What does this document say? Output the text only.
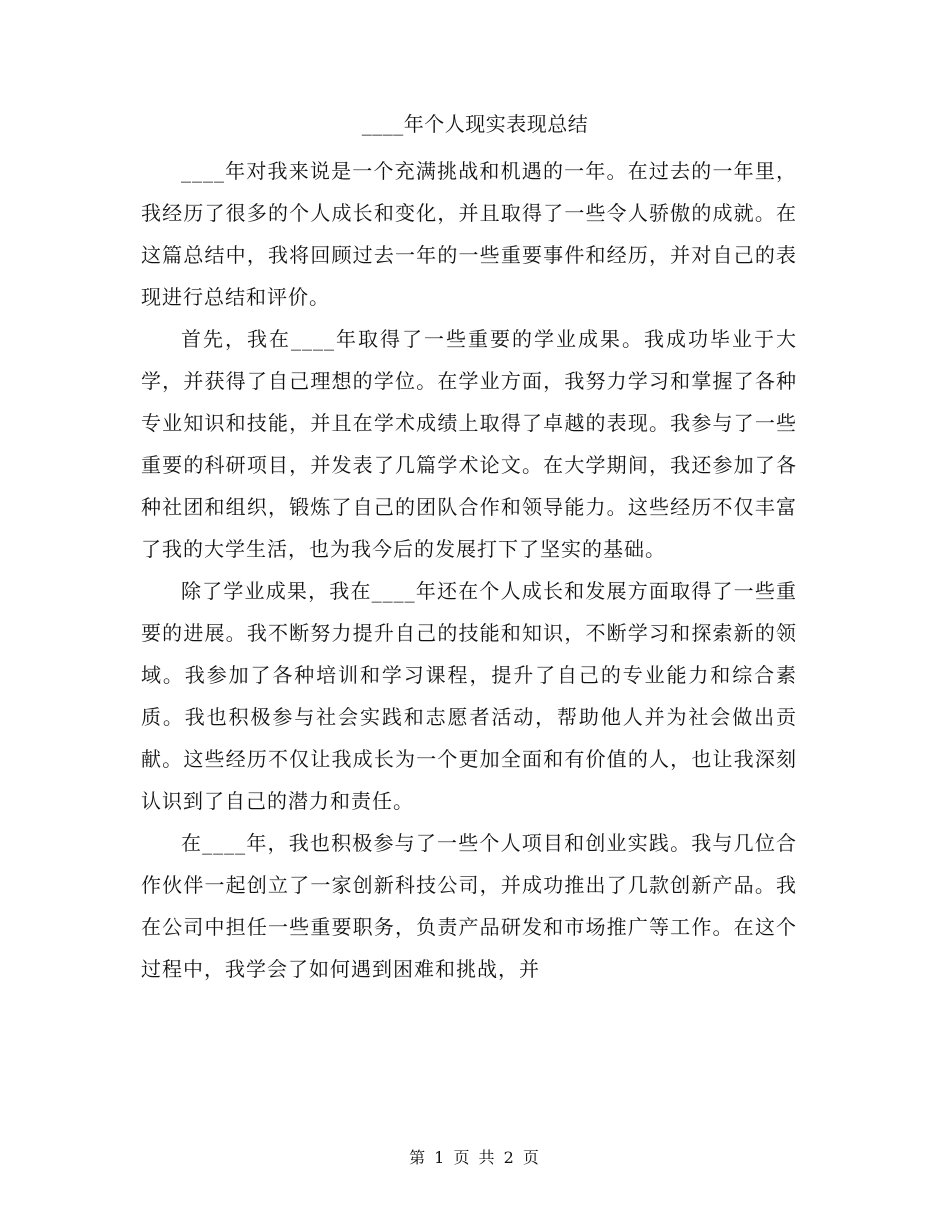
____年个人现实表现总结

____年对我来说是一个充满挑战和机遇的一年。在过去的一年里，我经历了很多的个人成长和变化，并且取得了一些令人骄傲的成就。在这篇总结中，我将回顾过去一年的一些重要事件和经历，并对自己的表现进行总结和评价。

首先，我在____年取得了一些重要的学业成果。我成功毕业于大学，并获得了自己理想的学位。在学业方面，我努力学习和掌握了各种专业知识和技能，并且在学术成绩上取得了卓越的表现。我参与了一些重要的科研项目，并发表了几篇学术论文。在大学期间，我还参加了各种社团和组织，锻炼了自己的团队合作和领导能力。这些经历不仅丰富了我的大学生活，也为我今后的发展打下了坚实的基础。

除了学业成果，我在____年还在个人成长和发展方面取得了一些重要的进展。我不断努力提升自己的技能和知识，不断学习和探索新的领域。我参加了各种培训和学习课程，提升了自己的专业能力和综合素质。我也积极参与社会实践和志愿者活动，帮助他人并为社会做出贡献。这些经历不仅让我成长为一个更加全面和有价值的人，也让我深刻认识到了自己的潜力和责任。

在____年，我也积极参与了一些个人项目和创业实践。我与几位合作伙伴一起创立了一家创新科技公司，并成功推出了几款创新产品。我在公司中担任一些重要职务，负责产品研发和市场推广等工作。在这个过程中，我学会了如何遇到困难和挑战，并

第 1 页 共 2 页
